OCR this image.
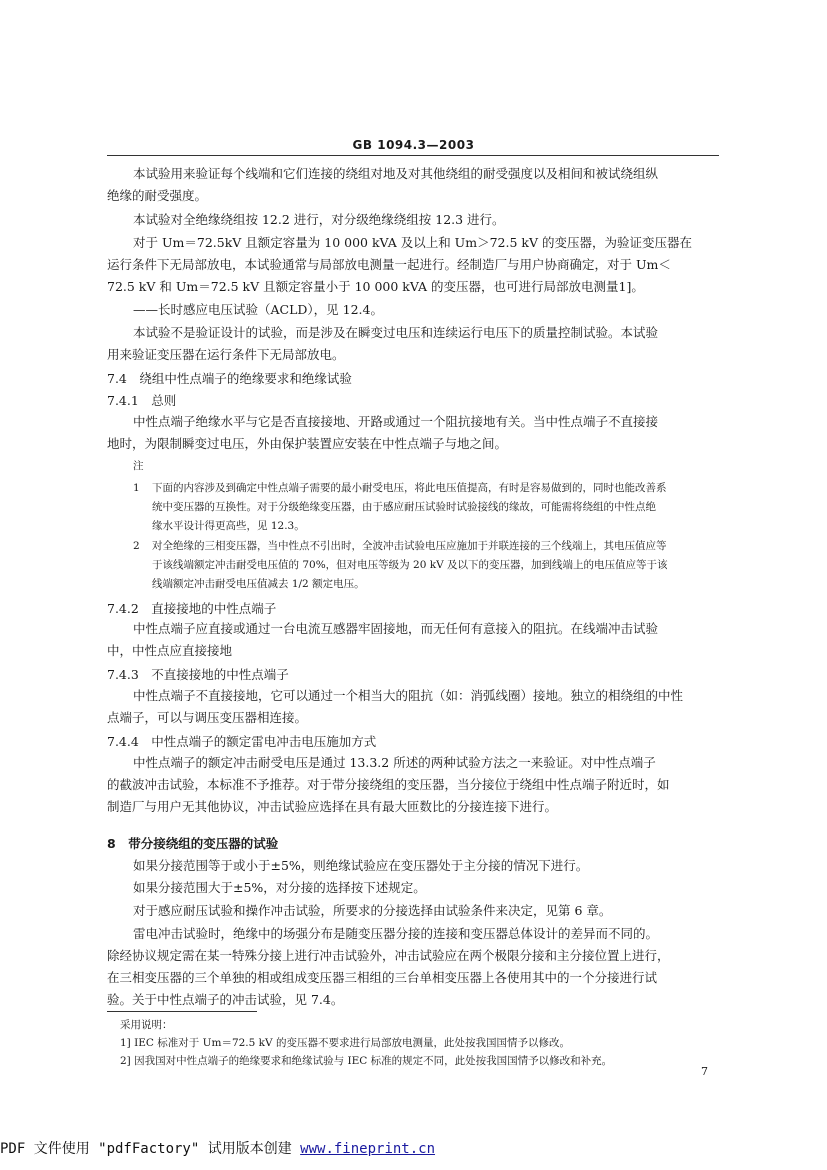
GB 1094.3—2003
本试验用来验证每个线端和它们连接的绕组对地及对其他绕组的耐受强度以及相间和被试绕组纵
绝缘的耐受强度。
本试验对全绝缘绕组按 12.2 进行，对分级绝缘绕组按 12.3 进行。
对于 Um＝72.5kV 且额定容量为 10 000 kVA 及以上和 Um＞72.5 kV 的变压器，为验证变压器在
运行条件下无局部放电，本试验通常与局部放电测量一起进行。经制造厂与用户协商确定，对于 Um＜
72.5 kV 和 Um＝72.5 kV 且额定容量小于 10 000 kVA 的变压器，也可进行局部放电测量1]。
——长时感应电压试验（ACLD），见 12.4。
本试验不是验证设计的试验，而是涉及在瞬变过电压和连续运行电压下的质量控制试验。本试验
用来验证变压器在运行条件下无局部放电。
7.4　绕组中性点端子的绝缘要求和绝缘试验
7.4.1　总则
中性点端子绝缘水平与它是否直接接地、开路或通过一个阻抗接地有关。当中性点端子不直接接
地时，为限制瞬变过电压，外由保护装置应安装在中性点端子与地之间。
注
1 下面的内容涉及到确定中性点端子需要的最小耐受电压，将此电压值提高，有时是容易做到的，同时也能改善系
统中变压器的互换性。对于分级绝缘变压器，由于感应耐压试验时试验接线的缘故，可能需将绕组的中性点绝
缘水平设计得更高些，见 12.3。
2 对全绝缘的三相变压器，当中性点不引出时，全波冲击试验电压应施加于并联连接的三个线端上，其电压值应等
于该线端额定冲击耐受电压值的 70%，但对电压等级为 20 kV 及以下的变压器，加到线端上的电压值应等于该
线端额定冲击耐受电压值减去 1/2 额定电压。
7.4.2　直接接地的中性点端子
中性点端子应直接或通过一台电流互感器牢固接地，而无任何有意接入的阻抗。在线端冲击试验
中，中性点应直接接地
7.4.3　不直接接地的中性点端子
中性点端子不直接接地，它可以通过一个相当大的阻抗（如：消弧线圈）接地。独立的相绕组的中性
点端子，可以与调压变压器相连接。
7.4.4　中性点端子的额定雷电冲击电压施加方式
中性点端子的额定冲击耐受电压是通过 13.3.2 所述的两种试验方法之一来验证。对中性点端子
的截波冲击试验，本标准不予推荐。对于带分接绕组的变压器，当分接位于绕组中性点端子附近时，如
制造厂与用户无其他协议，冲击试验应选择在具有最大匝数比的分接连接下进行。
8　带分接绕组的变压器的试验
如果分接范围等于或小于±5%，则绝缘试验应在变压器处于主分接的情况下进行。
如果分接范围大于±5%，对分接的选择按下述规定。
对于感应耐压试验和操作冲击试验，所要求的分接选择由试验条件来决定，见第 6 章。
雷电冲击试验时，绝缘中的场强分布是随变压器分接的连接和变压器总体设计的差异而不同的。
除经协议规定需在某一特殊分接上进行冲击试验外，冲击试验应在两个极限分接和主分接位置上进行，
在三相变压器的三个单独的相或组成变压器三相组的三台单相变压器上各使用其中的一个分接进行试
验。关于中性点端子的冲击试验，见 7.4。
采用说明：
1] IEC 标准对于 Um＝72.5 kV 的变压器不要求进行局部放电测量，此处按我国国情予以修改。
2] 因我国对中性点端子的绝缘要求和绝缘试验与 IEC 标准的规定不同，此处按我国国情予以修改和补充。
7
PDF 文件使用 "pdfFactory" 试用版本创建 www.fineprint.cn
